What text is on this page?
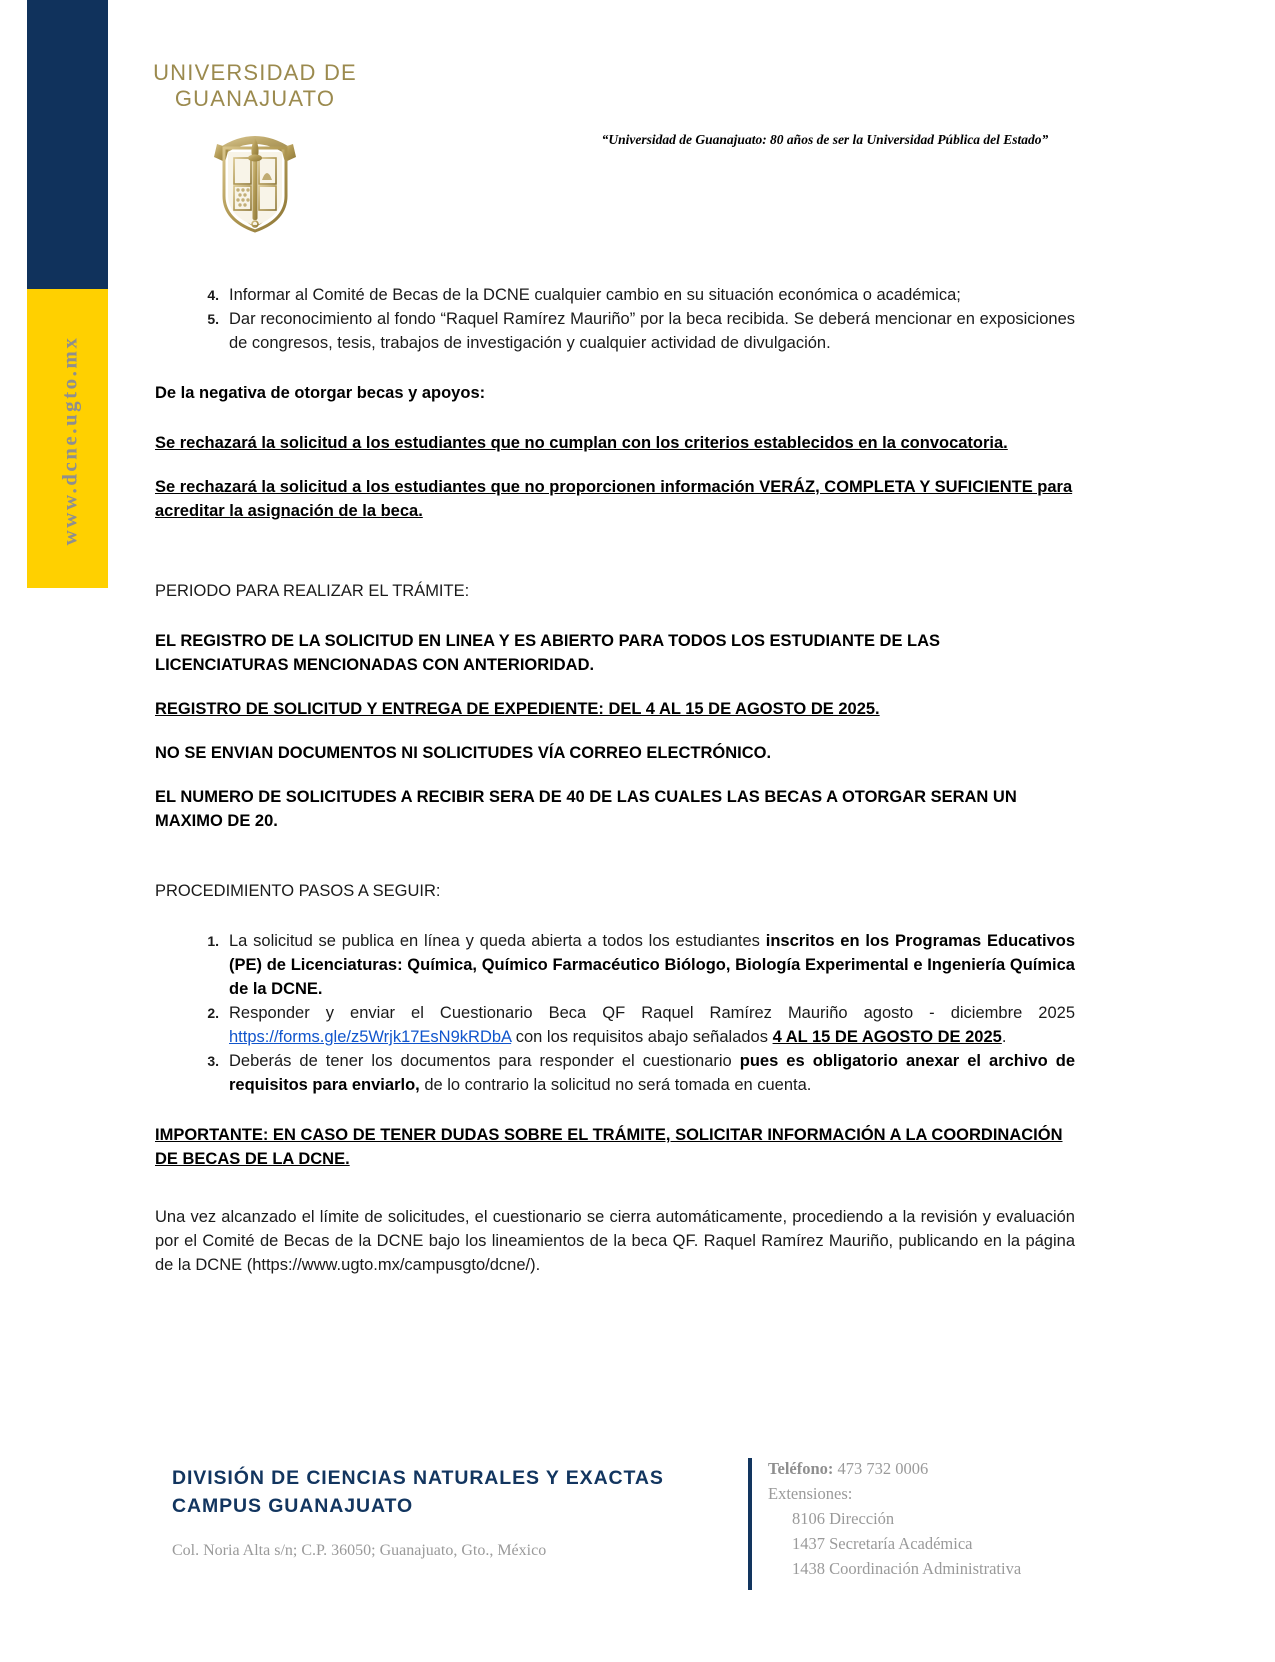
www.dcne.ugto.mx
UNIVERSIDAD DE
GUANAJUATO
“Universidad de Guanajuato: 80 años de ser la Universidad Pública del Estado”
4. Informar al Comité de Becas de la DCNE cualquier cambio en su situación económica o académica;
5. Dar reconocimiento al fondo “Raquel Ramírez Mauriño” por la beca recibida. Se deberá mencionar en exposiciones de congresos, tesis, trabajos de investigación y cualquier actividad de divulgación.
De la negativa de otorgar becas y apoyos:
Se rechazará la solicitud a los estudiantes que no cumplan con los criterios establecidos en la convocatoria.
Se rechazará la solicitud a los estudiantes que no proporcionen información VERÁZ, COMPLETA Y SUFICIENTE para acreditar la asignación de la beca.
PERIODO PARA REALIZAR EL TRÁMITE:
EL REGISTRO DE LA SOLICITUD EN LINEA Y ES ABIERTO PARA TODOS LOS ESTUDIANTE DE LAS LICENCIATURAS MENCIONADAS CON ANTERIORIDAD.
REGISTRO DE SOLICITUD Y ENTREGA DE EXPEDIENTE: DEL 4 AL 15 DE AGOSTO DE 2025.
NO SE ENVIAN DOCUMENTOS NI SOLICITUDES VÍA CORREO ELECTRÓNICO.
EL NUMERO DE SOLICITUDES A RECIBIR SERA DE 40 DE LAS CUALES LAS BECAS A OTORGAR SERAN UN MAXIMO DE 20.
PROCEDIMIENTO PASOS A SEGUIR:
1. La solicitud se publica en línea y queda abierta a todos los estudiantes inscritos en los Programas Educativos (PE) de Licenciaturas: Química, Químico Farmacéutico Biólogo, Biología Experimental e Ingeniería Química de la DCNE.
2. Responder y enviar el Cuestionario Beca QF Raquel Ramírez Mauriño agosto - diciembre 2025 https://forms.gle/z5Wrjk17EsN9kRDbA con los requisitos abajo señalados 4 AL 15 DE AGOSTO DE 2025.
3. Deberás de tener los documentos para responder el cuestionario pues es obligatorio anexar el archivo de requisitos para enviarlo, de lo contrario la solicitud no será tomada en cuenta.
IMPORTANTE: EN CASO DE TENER DUDAS SOBRE EL TRÁMITE, SOLICITAR INFORMACIÓN A LA COORDINACIÓN DE BECAS DE LA DCNE.
Una vez alcanzado el límite de solicitudes, el cuestionario se cierra automáticamente, procediendo a la revisión y evaluación por el Comité de Becas de la DCNE bajo los lineamientos de la beca QF. Raquel Ramírez Mauriño, publicando en la página de la DCNE (https://www.ugto.mx/campusgto/dcne/).
DIVISIÓN DE CIENCIAS NATURALES Y EXACTAS
CAMPUS GUANAJUATO
Col. Noria Alta s/n; C.P. 36050; Guanajuato, Gto., México
Teléfono: 473 732 0006
Extensiones:
8106 Dirección
1437 Secretaría Académica
1438 Coordinación Administrativa
